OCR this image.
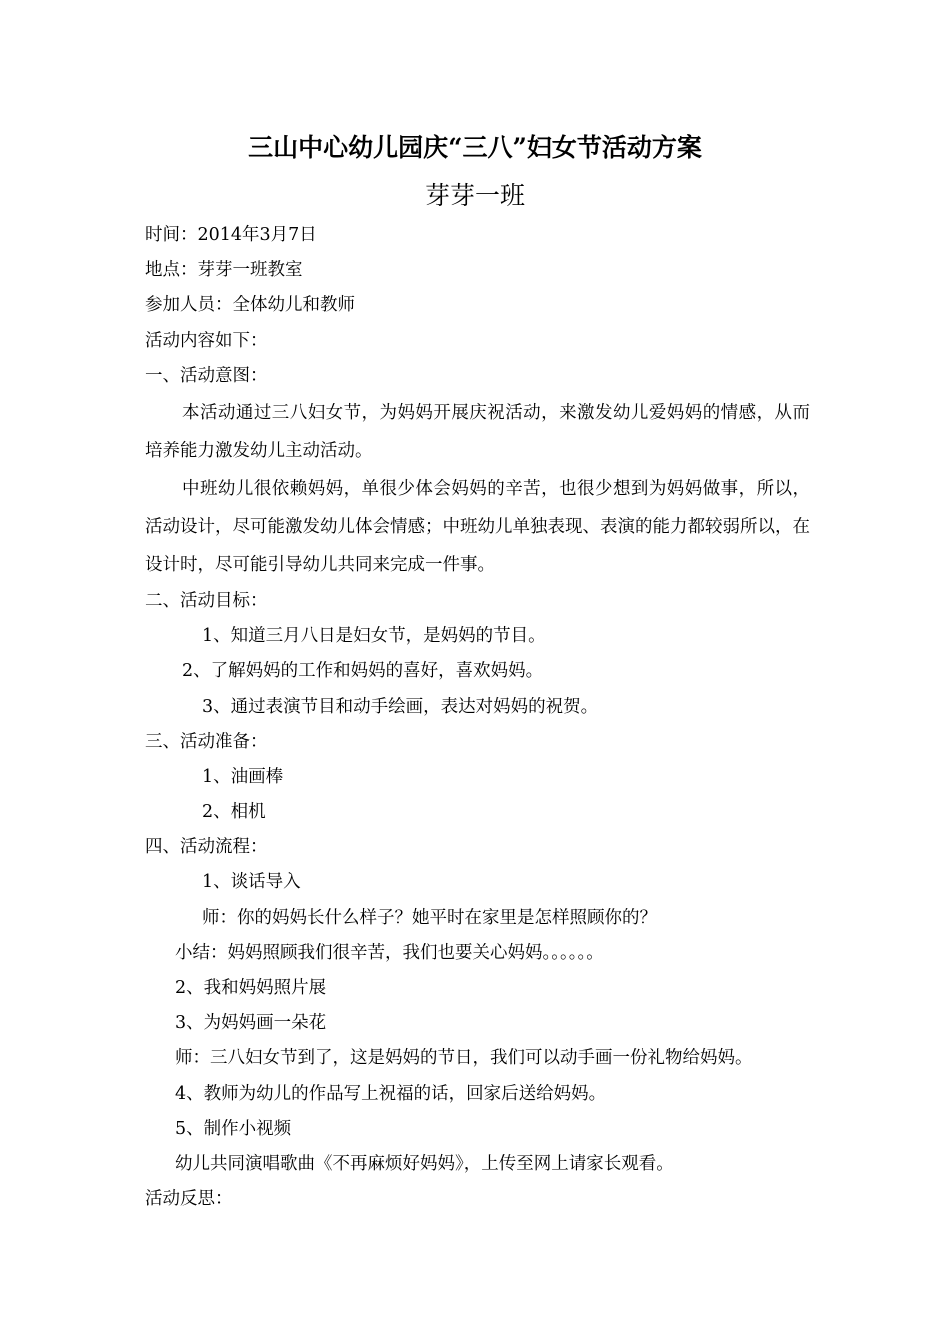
三山中心幼儿园庆“三八”妇女节活动方案
芽芽一班
时间：2014年3月7日
地点：芽芽一班教室
参加人员：全体幼儿和教师
活动内容如下：
一、活动意图：

本活动通过三八妇女节，为妈妈开展庆祝活动，来激发幼儿爱妈妈的情感，从而培养能力激发幼儿主动活动。

中班幼儿很依赖妈妈，单很少体会妈妈的辛苦，也很少想到为妈妈做事，所以，活动设计，尽可能激发幼儿体会情感；中班幼儿单独表现、表演的能力都较弱所以，在设计时，尽可能引导幼儿共同来完成一件事。

二、活动目标：
1、知道三月八日是妇女节，是妈妈的节目。
2、了解妈妈的工作和妈妈的喜好，喜欢妈妈。
3、通过表演节目和动手绘画，表达对妈妈的祝贺。
三、活动准备：
1、油画棒
2、相机
四、活动流程：
1、谈话导入
师：你的妈妈长什么样子？她平时在家里是怎样照顾你的？
小结：妈妈照顾我们很辛苦，我们也要关心妈妈。。。。。。
2、我和妈妈照片展
3、为妈妈画一朵花
师：三八妇女节到了，这是妈妈的节日，我们可以动手画一份礼物给妈妈。
4、教师为幼儿的作品写上祝福的话，回家后送给妈妈。
5、制作小视频
幼儿共同演唱歌曲《不再麻烦好妈妈》，上传至网上请家长观看。
活动反思：
